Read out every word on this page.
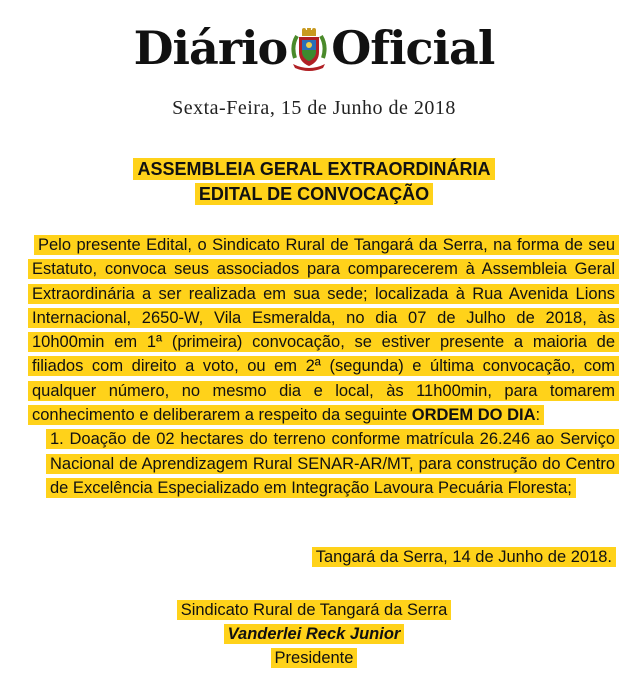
Diário Oficial
Sexta-Feira, 15 de Junho de 2018
ASSEMBLEIA GERAL EXTRAORDINÁRIA
EDITAL DE CONVOCAÇÃO

Pelo presente Edital, o Sindicato Rural de Tangará da Serra, na forma de seu Estatuto, convoca seus associados para comparecerem à Assembleia Geral Extraordinária a ser realizada em sua sede; localizada à Rua Avenida Lions Internacional, 2650-W, Vila Esmeralda, no dia 07 de Julho de 2018, às 10h00min em 1ª (primeira) convocação, se estiver presente a maioria de filiados com direito a voto, ou em 2ª (segunda) e última convocação, com qualquer número, no mesmo dia e local, às 11h00min, para tomarem conhecimento e deliberarem a respeito da seguinte ORDEM DO DIA:

1. Doação de 02 hectares do terreno conforme matrícula 26.246 ao Serviço Nacional de Aprendizagem Rural SENAR-AR/MT, para construção do Centro de Excelência Especializado em Integração Lavoura Pecuária Floresta;

Tangará da Serra, 14 de Junho de 2018.
Sindicato Rural de Tangará da Serra
Vanderlei Reck Junior
Presidente
